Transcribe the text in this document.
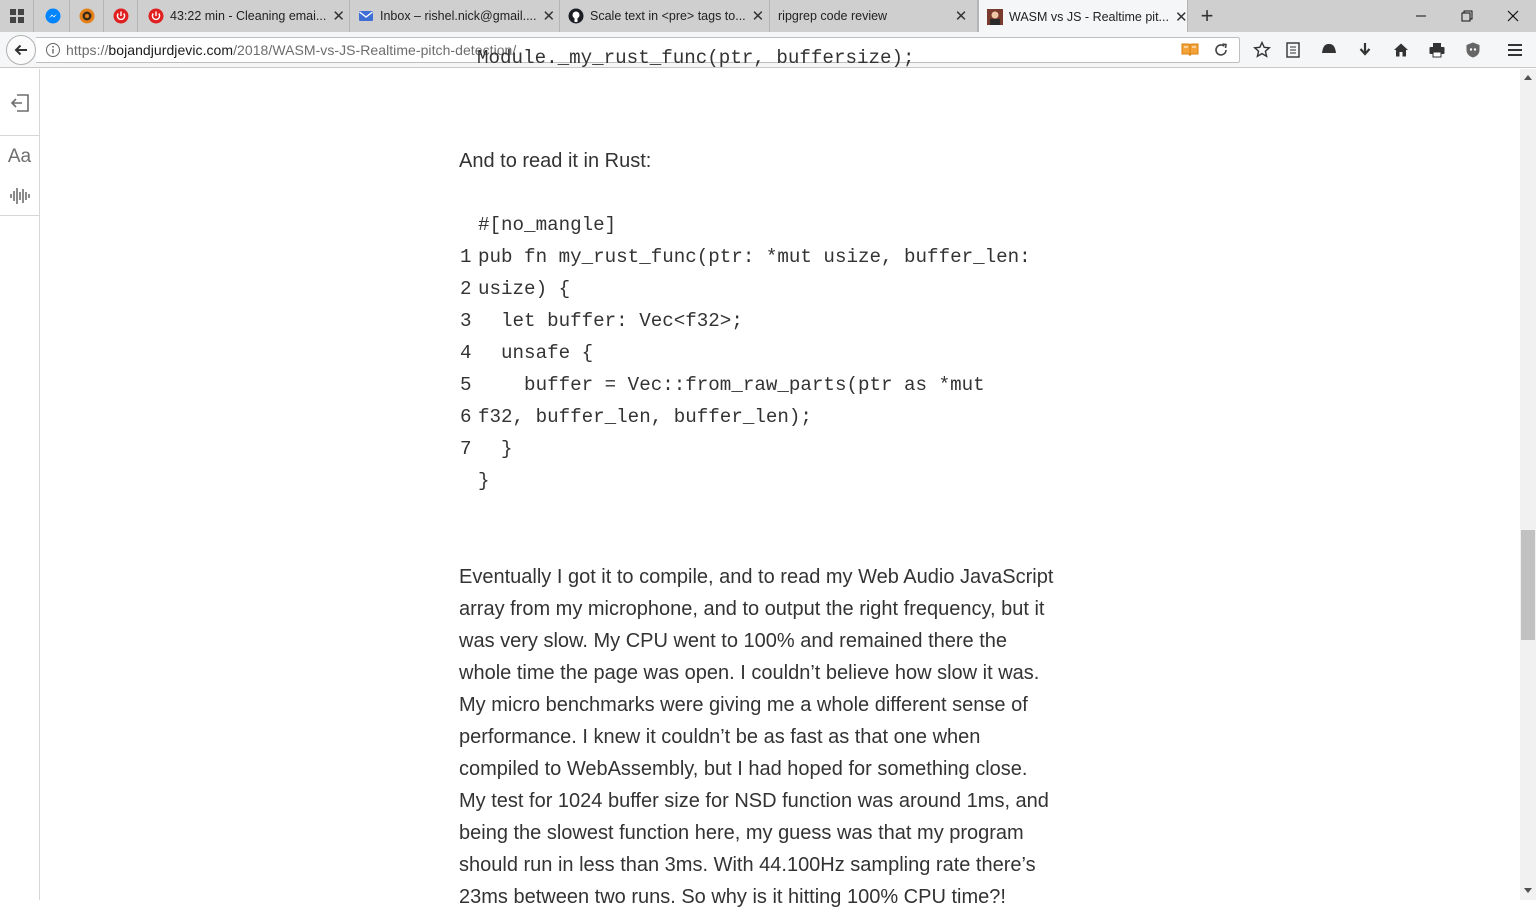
43:22 min - Cleaning emai... ✕	Inbox – rishel.nick@gmail.... ✕	Scale text in <pre> tags to... ✕ ripgrep code review	✕	WASM vs JS - Realtime pit... ✕ +
https://bojandjurdjevic.com/2018/WASM-vs-JS-Realtime-pitch-detection/
Aa
Module._my_rust_func(ptr, buffersize);
And to read it in Rust:
#[no_mangle]
1 pub fn my_rust_func(ptr: *mut usize, buffer_len:
2 usize) {
3 let buffer: Vec<f32>;
4 unsafe {
5 buffer = Vec::from_raw_parts(ptr as *mut
6 f32, buffer_len, buffer_len);
7 }
}
Eventually I got it to compile, and to read my Web Audio JavaScript
array from my microphone, and to output the right frequency, but it
was very slow. My CPU went to 100% and remained there the
whole time the page was open. I couldn’t believe how slow it was.
My micro benchmarks were giving me a whole different sense of
performance. I knew it couldn’t be as fast as that one when
compiled to WebAssembly, but I had hoped for something close.
My test for 1024 buffer size for NSD function was around 1ms, and
being the slowest function here, my guess was that my program
should run in less than 3ms. With 44.100Hz sampling rate there’s
23ms between two runs. So why is it hitting 100% CPU time?!
